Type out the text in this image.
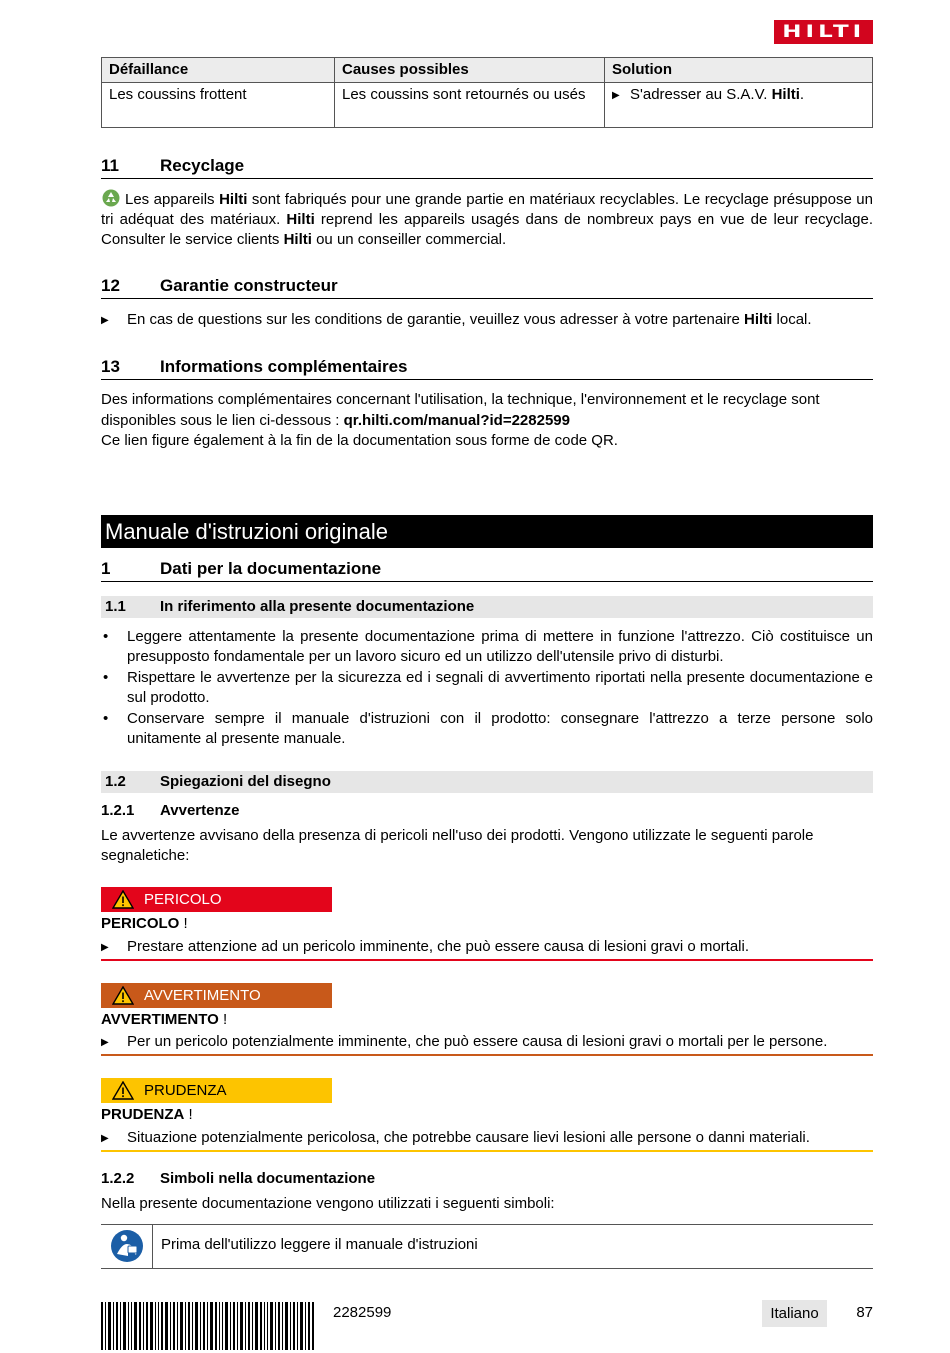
HILTI
Défaillance	Causes possibles	Solution
Les coussins frottent	Les coussins sont retournés ou usés	▶ S'adresser au S.A.V. Hilti.
11 Recyclage
Les appareils Hilti sont fabriqués pour une grande partie en matériaux recyclables. Le recyclage présuppose un tri adéquat des matériaux. Hilti reprend les appareils usagés dans de nombreux pays en vue de leur recyclage. Consulter le service clients Hilti ou un conseiller commercial.
12 Garantie constructeur
▶ En cas de questions sur les conditions de garantie, veuillez vous adresser à votre partenaire Hilti local.
13 Informations complémentaires
Des informations complémentaires concernant l'utilisation, la technique, l'environnement et le recyclage sont disponibles sous le lien ci-dessous : qr.hilti.com/manual?id=2282599
Ce lien figure également à la fin de la documentation sous forme de code QR.
Manuale d'istruzioni originale
1	Dati per la documentazione
1.1 In riferimento alla presente documentazione
• Leggere attentamente la presente documentazione prima di mettere in funzione l'attrezzo. Ciò costituisce un presupposto fondamentale per un lavoro sicuro ed un utilizzo dell'utensile privo di disturbi.
• Rispettare le avvertenze per la sicurezza ed i segnali di avvertimento riportati nella presente documentazione e sul prodotto.
• Conservare sempre il manuale d'istruzioni con il prodotto: consegnare l'attrezzo a terze persone solo unitamente al presente manuale.
1.2 Spiegazioni del disegno
1.2.1 Avvertenze
Le avvertenze avvisano della presenza di pericoli nell'uso dei prodotti. Vengono utilizzate le seguenti parole segnaletiche:
PERICOLO
PERICOLO !
▶ Prestare attenzione ad un pericolo imminente, che può essere causa di lesioni gravi o mortali.
AVVERTIMENTO
AVVERTIMENTO !
▶ Per un pericolo potenzialmente imminente, che può essere causa di lesioni gravi o mortali per le persone.
PRUDENZA
PRUDENZA !
▶ Situazione potenzialmente pericolosa, che potrebbe causare lievi lesioni alle persone o danni materiali.
1.2.2 Simboli nella documentazione
Nella presente documentazione vengono utilizzati i seguenti simboli:
Prima dell'utilizzo leggere il manuale d'istruzioni
2282599	Italiano	87
